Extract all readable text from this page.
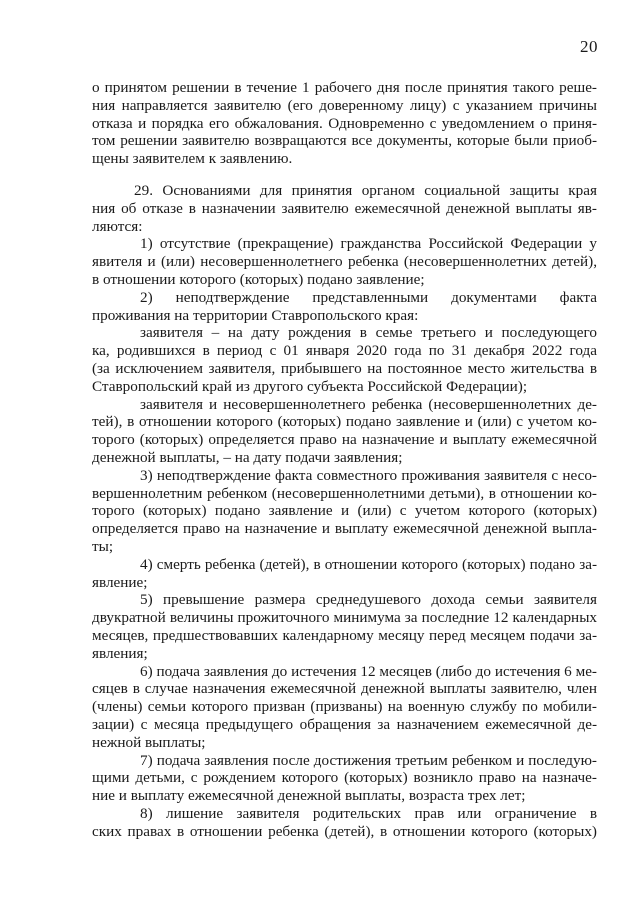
20
о принятом решении в течение 1 рабочего дня после принятия такого реше-
ния направляется заявителю (его доверенному лицу) с указанием причины
отказа и порядка его обжалования. Одновременно с уведомлением о приня-
том решении заявителю возвращаются все документы, которые были приоб-
щены заявителем к заявлению.
29. Основаниями для принятия органом социальной защиты края
ния об отказе в назначении заявителю ежемесячной денежной выплаты яв-
ляются:
1) отсутствие (прекращение) гражданства Российской Федерации у
явителя и (или) несовершеннолетнего ребенка (несовершеннолетних детей),
в отношении которого (которых) подано заявление;
2) неподтверждение представленными документами факта
проживания на территории Ставропольского края:
заявителя – на дату рождения в семье третьего и последующего
ка, родившихся в период с 01 января 2020 года по 31 декабря 2022 года
(за исключением заявителя, прибывшего на постоянное место жительства в
Ставропольский край из другого субъекта Российской Федерации);
заявителя и несовершеннолетнего ребенка (несовершеннолетних де-
тей), в отношении которого (которых) подано заявление и (или) с учетом ко-
торого (которых) определяется право на назначение и выплату ежемесячной
денежной выплаты, – на дату подачи заявления;
3) неподтверждение факта совместного проживания заявителя с несо-
вершеннолетним ребенком (несовершеннолетними детьми), в отношении ко-
торого (которых) подано заявление и (или) с учетом которого (которых)
определяется право на назначение и выплату ежемесячной денежной выпла-
ты;
4) смерть ребенка (детей), в отношении которого (которых) подано за-
явление;
5) превышение размера среднедушевого дохода семьи заявителя
двукратной величины прожиточного минимума за последние 12 календарных
месяцев, предшествовавших календарному месяцу перед месяцем подачи за-
явления;
6) подача заявления до истечения 12 месяцев (либо до истечения 6 ме-
сяцев в случае назначения ежемесячной денежной выплаты заявителю, член
(члены) семьи которого призван (призваны) на военную службу по мобили-
зации) с месяца предыдущего обращения за назначением ежемесячной де-
нежной выплаты;
7) подача заявления после достижения третьим ребенком и последую-
щими детьми, с рождением которого (которых) возникло право на назначе-
ние и выплату ежемесячной денежной выплаты, возраста трех лет;
8) лишение заявителя родительских прав или ограничение в
ских правах в отношении ребенка (детей), в отношении которого (которых)
